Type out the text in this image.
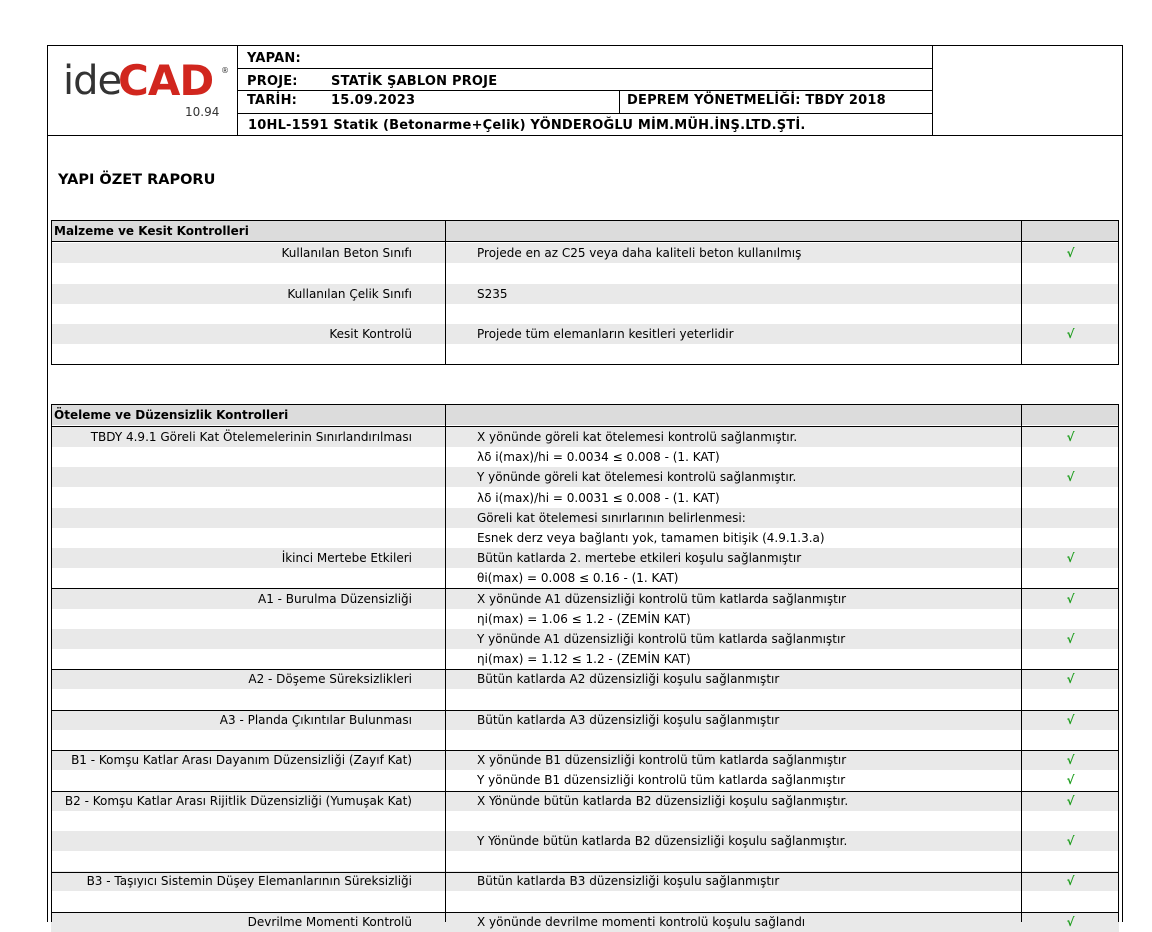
ide
CAD ®
10.94
YAPAN:
PROJE:	STATİK ŞABLON PROJE
TARİH:	15.09.2023	DEPREM YÖNETMELİĞİ: TBDY 2018
10HL-1591 Statik (Betonarme+Çelik) YÖNDEROĞLU MİM.MÜH.İNŞ.LTD.ŞTİ.
YAPI ÖZET RAPORU
Malzeme ve Kesit Kontrolleri
Kullanılan Beton Sınıfı	Projede en az C25 veya daha kaliteli beton kullanılmış	√
Kullanılan Çelik Sınıfı	S235
Kesit Kontrolü	Projede tüm elemanların kesitleri yeterlidir	√
Öteleme ve Düzensizlik Kontrolleri
TBDY 4.9.1 Göreli Kat Ötelemelerinin Sınırlandırılması	X yönünde göreli kat ötelemesi kontrolü sağlanmıştır.	√
λδ i(max)/hi = 0.0034 ≤ 0.008 - (1. KAT)
Y yönünde göreli kat ötelemesi kontrolü sağlanmıştır.	√
λδ i(max)/hi = 0.0031 ≤ 0.008 - (1. KAT)
Göreli kat ötelemesi sınırlarının belirlenmesi:
Esnek derz veya bağlantı yok, tamamen bitişik (4.9.1.3.a)
İkinci Mertebe Etkileri	Bütün katlarda 2. mertebe etkileri koşulu sağlanmıştır	√
θi(max) = 0.008 ≤ 0.16 - (1. KAT)
A1 - Burulma Düzensizliği	X yönünde A1 düzensizliği kontrolü tüm katlarda sağlanmıştır	√
ηi(max) = 1.06 ≤ 1.2 - (ZEMİN KAT)
Y yönünde A1 düzensizliği kontrolü tüm katlarda sağlanmıştır	√
ηi(max) = 1.12 ≤ 1.2 - (ZEMİN KAT)
A2 - Döşeme Süreksizlikleri	Bütün katlarda A2 düzensizliği koşulu sağlanmıştır	√
A3 - Planda Çıkıntılar Bulunması	Bütün katlarda A3 düzensizliği koşulu sağlanmıştır	√
B1 - Komşu Katlar Arası Dayanım Düzensizliği (Zayıf Kat)	X yönünde B1 düzensizliği kontrolü tüm katlarda sağlanmıştır	√
Y yönünde B1 düzensizliği kontrolü tüm katlarda sağlanmıştır	√
B2 - Komşu Katlar Arası Rijitlik Düzensizliği (Yumuşak Kat)	X Yönünde bütün katlarda B2 düzensizliği koşulu sağlanmıştır.	√
Y Yönünde bütün katlarda B2 düzensizliği koşulu sağlanmıştır.	√
B3 - Taşıyıcı Sistemin Düşey Elemanlarının Süreksizliği	Bütün katlarda B3 düzensizliği koşulu sağlanmıştır	√
Devrilme Momenti Kontrolü	X yönünde devrilme momenti kontrolü koşulu sağlandı	√
